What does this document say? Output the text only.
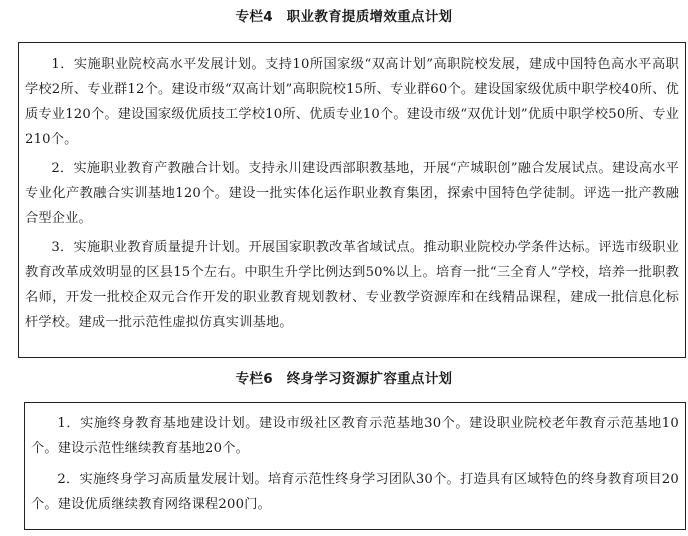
专栏4　职业教育提质增效重点计划

1．实施职业院校高水平发展计划。支持10所国家级“双高计划”高职院校发展，建成中国特色高水平高职学校2所、专业群12个。建设市级“双高计划”高职院校15所、专业群60个。建设国家级优质中职学校40所、优质专业120个。建设国家级优质技工学校10所、优质专业10个。建设市级“双优计划”优质中职学校50所、专业210个。

2．实施职业教育产教融合计划。支持永川建设西部职教基地，开展“产城职创”融合发展试点。建设高水平专业化产教融合实训基地120个。建设一批实体化运作职业教育集团，探索中国特色学徒制。评选一批产教融合型企业。

3．实施职业教育质量提升计划。开展国家职教改革省域试点。推动职业院校办学条件达标。评选市级职业教育改革成效明显的区县15个左右。中职生升学比例达到50%以上。培育一批“三全育人”学校，培养一批职教名师，开发一批校企双元合作开发的职业教育规划教材、专业教学资源库和在线精品课程，建成一批信息化标杆学校。建成一批示范性虚拟仿真实训基地。

专栏6　终身学习资源扩容重点计划

1．实施终身教育基地建设计划。建设市级社区教育示范基地30个。建设职业院校老年教育示范基地10个。建设示范性继续教育基地20个。

2．实施终身学习高质量发展计划。培育示范性终身学习团队30个。打造具有区域特色的终身教育项目20个。建设优质继续教育网络课程200门。
